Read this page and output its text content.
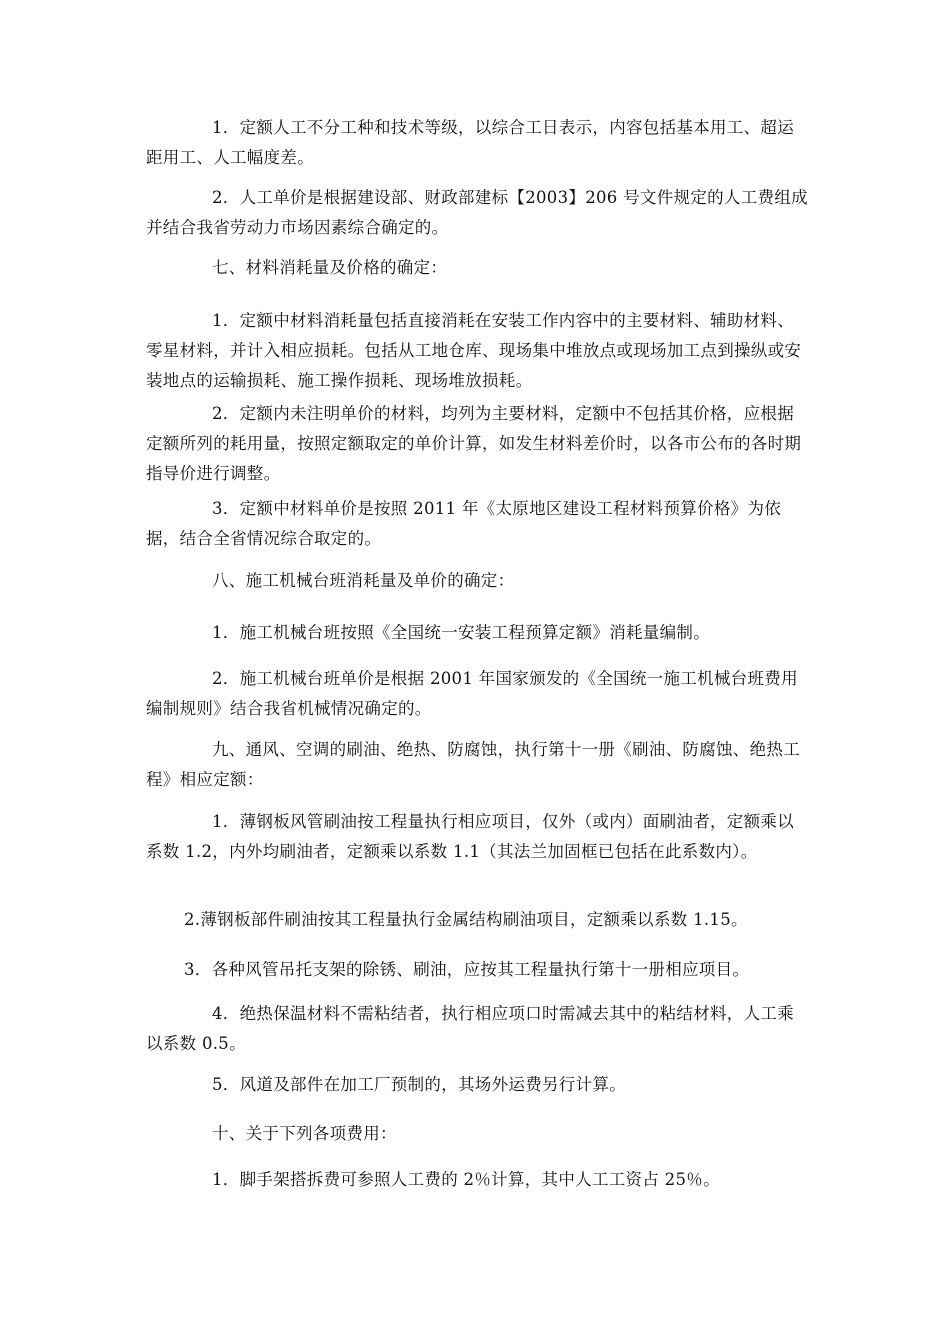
1．定额人工不分工种和技术等级，以综合工日表示，内容包括基本用工、超运距用工、人工幅度差。

2．人工单价是根据建设部、财政部建标【2003】206 号文件规定的人工费组成并结合我省劳动力市场因素综合确定的。

七、材料消耗量及价格的确定：

1．定额中材料消耗量包括直接消耗在安装工作内容中的主要材料、辅助材料、零星材料，并计入相应损耗。包括从工地仓库、现场集中堆放点或现场加工点到操纵或安装地点的运输损耗、施工操作损耗、现场堆放损耗。

2．定额内未注明单价的材料，均列为主要材料，定额中不包括其价格，应根据定额所列的耗用量，按照定额取定的单价计算，如发生材料差价时，以各市公布的各时期指导价进行调整。

3．定额中材料单价是按照 2011 年《太原地区建设工程材料预算价格》为依据，结合全省情况综合取定的。

八、施工机械台班消耗量及单价的确定：

1．施工机械台班按照《全国统一安装工程预算定额》消耗量编制。

2．施工机械台班单价是根据 2001 年国家颁发的《全国统一施工机械台班费用编制规则》结合我省机械情况确定的。

九、通风、空调的刷油、绝热、防腐蚀，执行第十一册《刷油、防腐蚀、绝热工程》相应定额：

1．薄钢板风管刷油按工程量执行相应项目，仅外（或内）面刷油者，定额乘以系数 1.2，内外均刷油者，定额乘以系数 1.1（其法兰加固框已包括在此系数内）。

2.薄钢板部件刷油按其工程量执行金属结构刷油项目，定额乘以系数 1.15。

3．各种风管吊托支架的除锈、刷油，应按其工程量执行第十一册相应项目。

4．绝热保温材料不需粘结者，执行相应项口时需减去其中的粘结材料，人工乘以系数 0.5。

5．风道及部件在加工厂预制的，其场外运费另行计算。

十、关于下列各项费用：

1．脚手架搭拆费可参照人工费的 2％计算，其中人工工资占 25％。
